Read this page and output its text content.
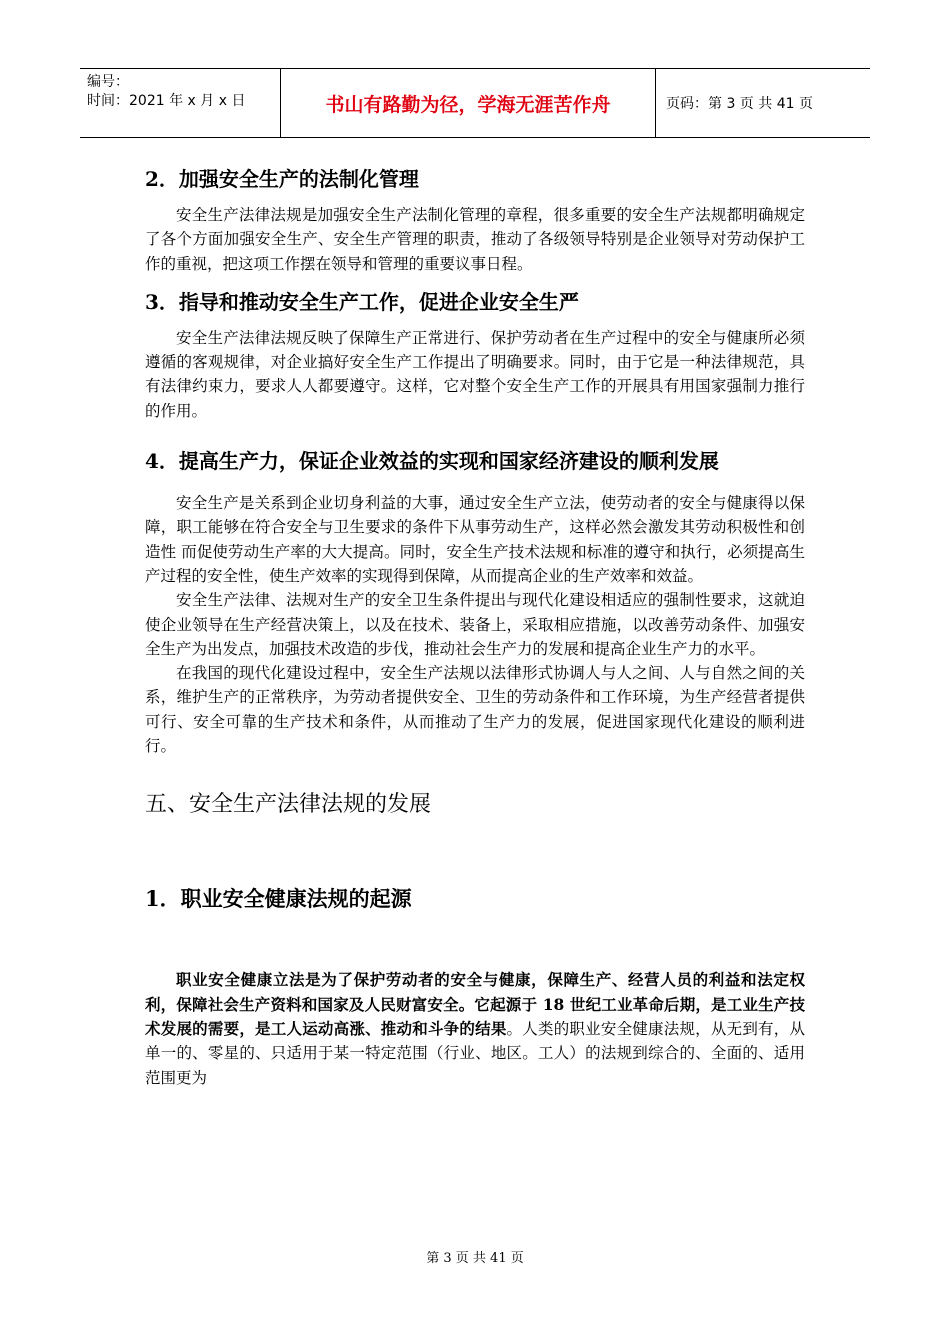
编号：
时间：2021 年 x 月 x 日	书山有路勤为径，学海无涯苦作舟	页码：第 3 页 共 41 页
2．加强安全生产的法制化管理

安全生产法律法规是加强安全生产法制化管理的章程，很多重要的安全生产法规都明确规定了各个方面加强安全生产、安全生产管理的职责，推动了各级领导特别是企业领导对劳动保护工作的重视，把这项工作摆在领导和管理的重要议事日程。

3．指导和推动安全生产工作，促进企业安全生严

安全生产法律法规反映了保障生产正常进行、保护劳动者在生产过程中的安全与健康所必须遵循的客观规律，对企业搞好安全生产工作提出了明确要求。同时，由于它是一种法律规范，具有法律约束力，要求人人都要遵守。这样，它对整个安全生产工作的开展具有用国家强制力推行的作用。

4．提高生产力，保证企业效益的实现和国家经济建设的顺利发展

安全生产是关系到企业切身利益的大事，通过安全生产立法，使劳动者的安全与健康得以保障，职工能够在符合安全与卫生要求的条件下从事劳动生产，这样必然会激发其劳动积极性和创造性 而促使劳动生产率的大大提高。同时，安全生产技术法规和标准的遵守和执行，必须提高生产过程的安全性，使生产效率的实现得到保障，从而提高企业的生产效率和效益。

安全生产法律、法规对生产的安全卫生条件提出与现代化建设相适应的强制性要求，这就迫使企业领导在生产经营决策上，以及在技术、装备上，采取相应措施，以改善劳动条件、加强安全生产为出发点，加强技术改造的步伐，推动社会生产力的发展和提高企业生产力的水平。

在我国的现代化建设过程中，安全生产法规以法律形式协调人与人之间、人与自然之间的关系，维护生产的正常秩序，为劳动者提供安全、卫生的劳动条件和工作环境，为生产经营者提供可行、安全可靠的生产技术和条件，从而推动了生产力的发展，促进国家现代化建设的顺利进行。

五、安全生产法律法规的发展
1．职业安全健康法规的起源

职业安全健康立法是为了保护劳动者的安全与健康，保障生产、经营人员的利益和法定权利，保障社会生产资料和国家及人民财富安全。它起源于 18 世纪工业革命后期，是工业生产技术发展的需要，是工人运动高涨、推动和斗争的结果。人类的职业安全健康法规，从无到有，从单一的、零星的、只适用于某一特定范围（行业、地区。工人）的法规到综合的、全面的、适用范围更为

第 3 页 共 41 页
